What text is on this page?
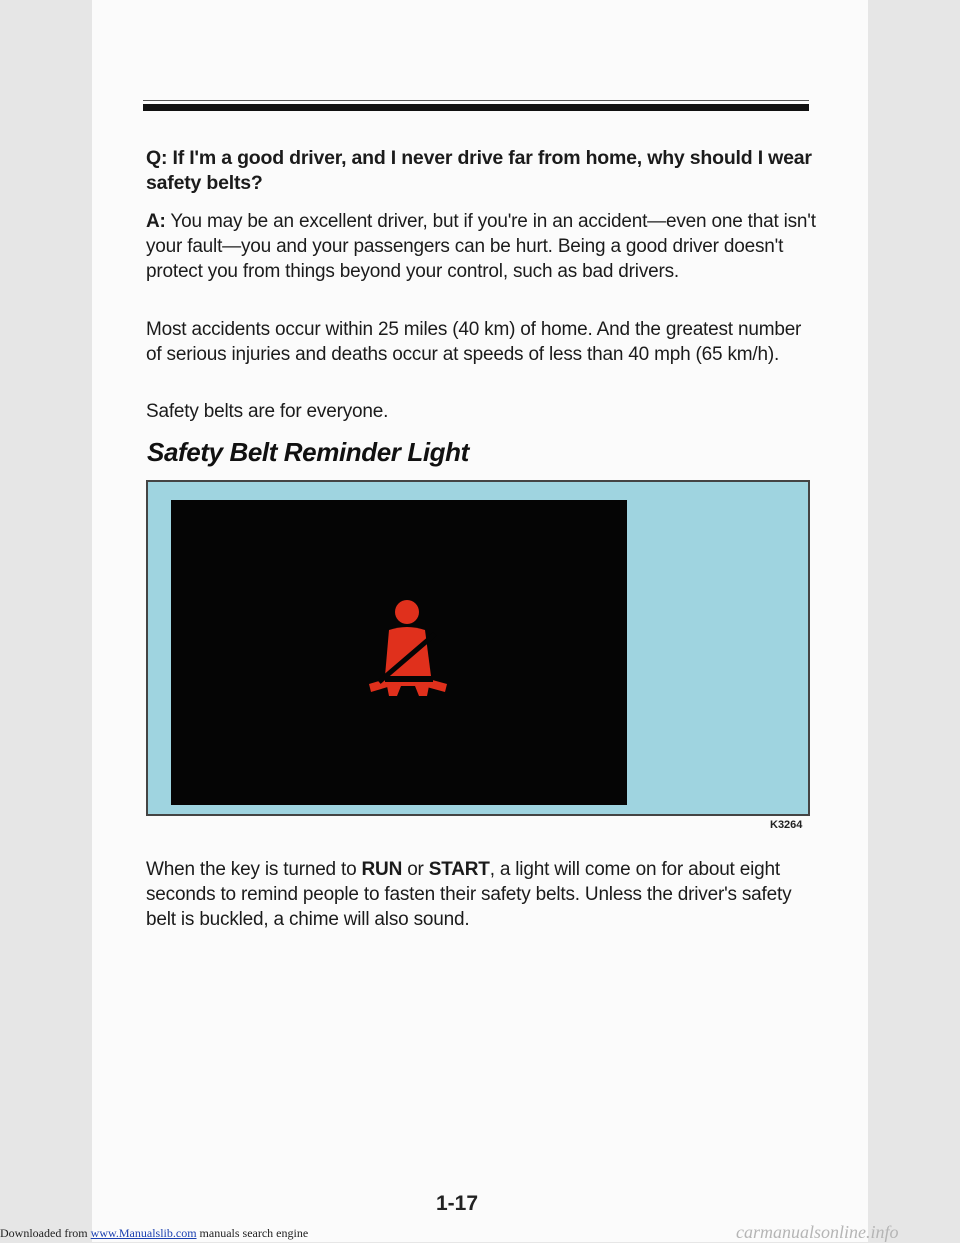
Q: If I'm a good driver, and I never drive far from home, why should I wear safety belts?
A: You may be an excellent driver, but if you're in an accident—even one that isn't your fault—you and your passengers can be hurt. Being a good driver doesn't protect you from things beyond your control, such as bad drivers.
Most accidents occur within 25 miles (40 km) of home. And the greatest number of serious injuries and deaths occur at speeds of less than 40 mph (65 km/h).
Safety belts are for everyone.
Safety Belt Reminder Light
K3264
When the key is turned to RUN or START, a light will come on for about eight seconds to remind people to fasten their safety belts. Unless the driver's safety belt is buckled, a chime will also sound.
1-17
Downloaded from www.Manualslib.com manuals search engine	carmanualsonline.info
